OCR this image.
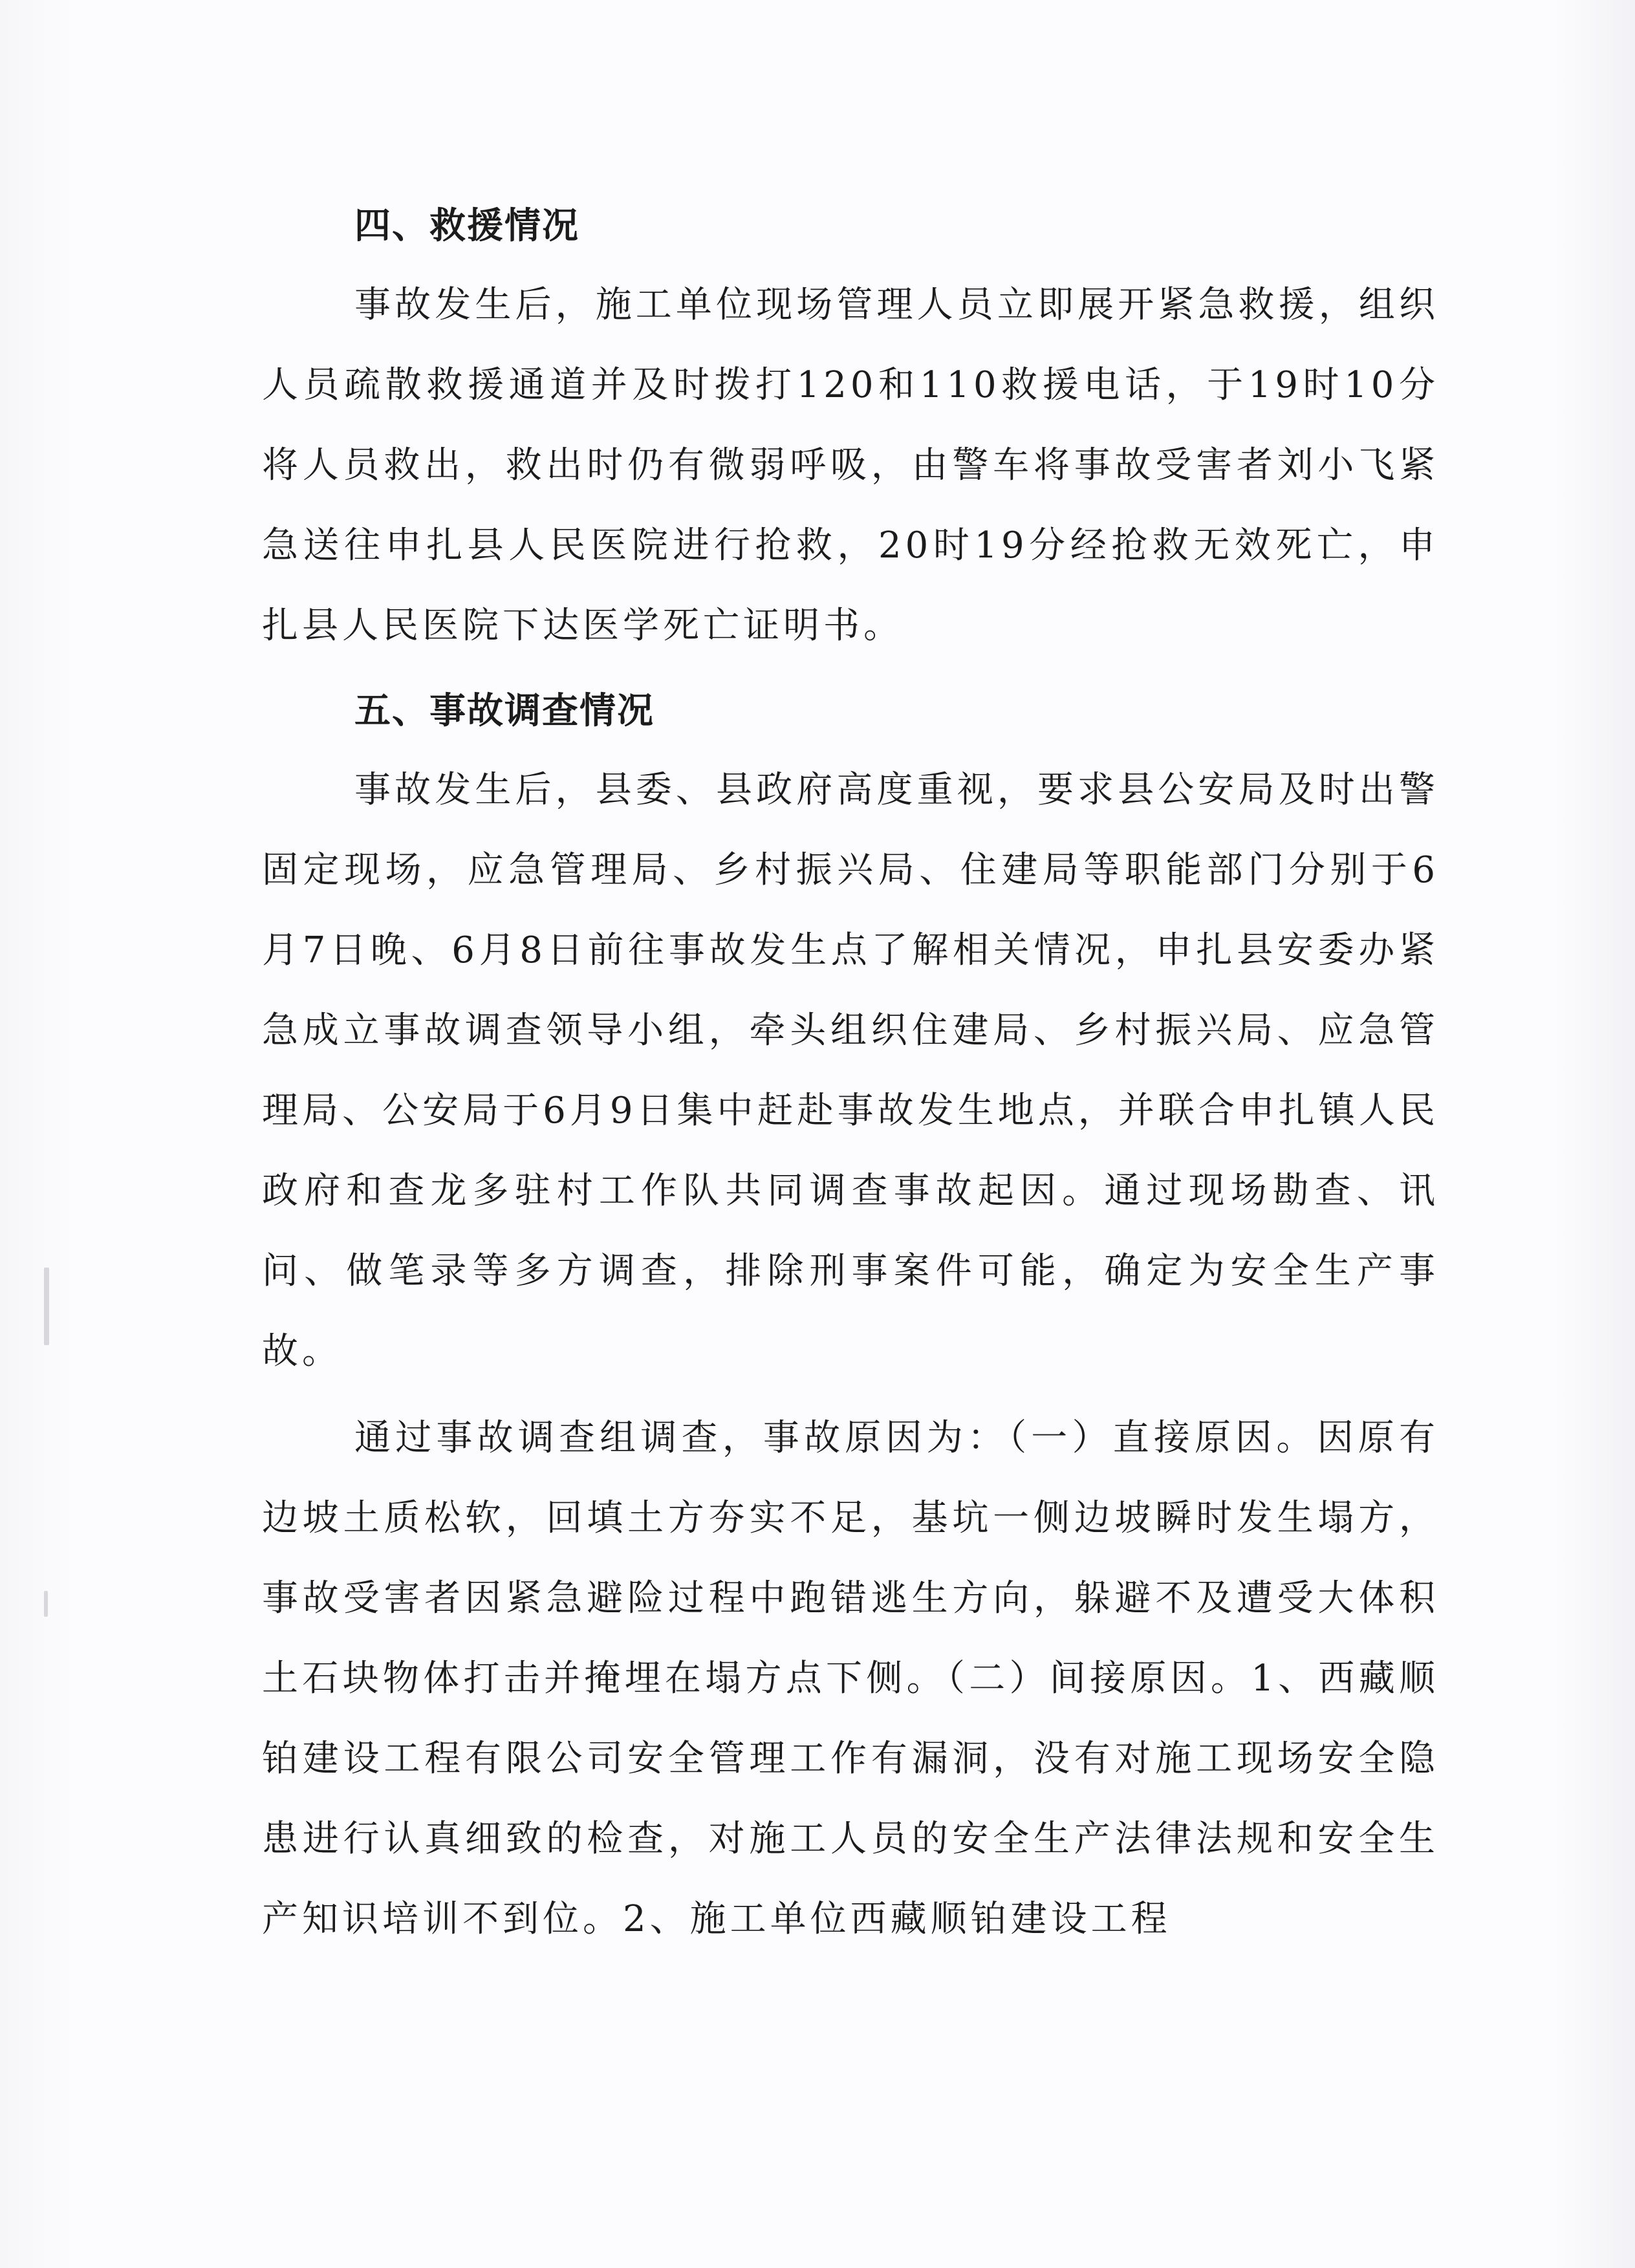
四、救援情况

事故发生后，施工单位现场管理人员立即展开紧急救援，组织人员疏散救援通道并及时拨打120和110救援电话，于19时10分将人员救出，救出时仍有微弱呼吸，由警车将事故受害者刘小飞紧急送往申扎县人民医院进行抢救，20时19分经抢救无效死亡，申扎县人民医院下达医学死亡证明书。

五、事故调查情况

事故发生后，县委、县政府高度重视，要求县公安局及时出警固定现场，应急管理局、乡村振兴局、住建局等职能部门分别于6月7日晚、6月8日前往事故发生点了解相关情况，申扎县安委办紧急成立事故调查领导小组，牵头组织住建局、乡村振兴局、应急管理局、公安局于6月9日集中赶赴事故发生地点，并联合申扎镇人民政府和查龙多驻村工作队共同调查事故起因。通过现场勘查、讯问、做笔录等多方调查，排除刑事案件可能，确定为安全生产事故。

通过事故调查组调查，事故原因为：（一）直接原因。因原有边坡土质松软，回填土方夯实不足，基坑一侧边坡瞬时发生塌方，事故受害者因紧急避险过程中跑错逃生方向，躲避不及遭受大体积土石块物体打击并掩埋在塌方点下侧。（二）间接原因。1、西藏顺铂建设工程有限公司安全管理工作有漏洞，没有对施工现场安全隐患进行认真细致的检查，对施工人员的安全生产法律法规和安全生产知识培训不到位。2、施工单位西藏顺铂建设工程
